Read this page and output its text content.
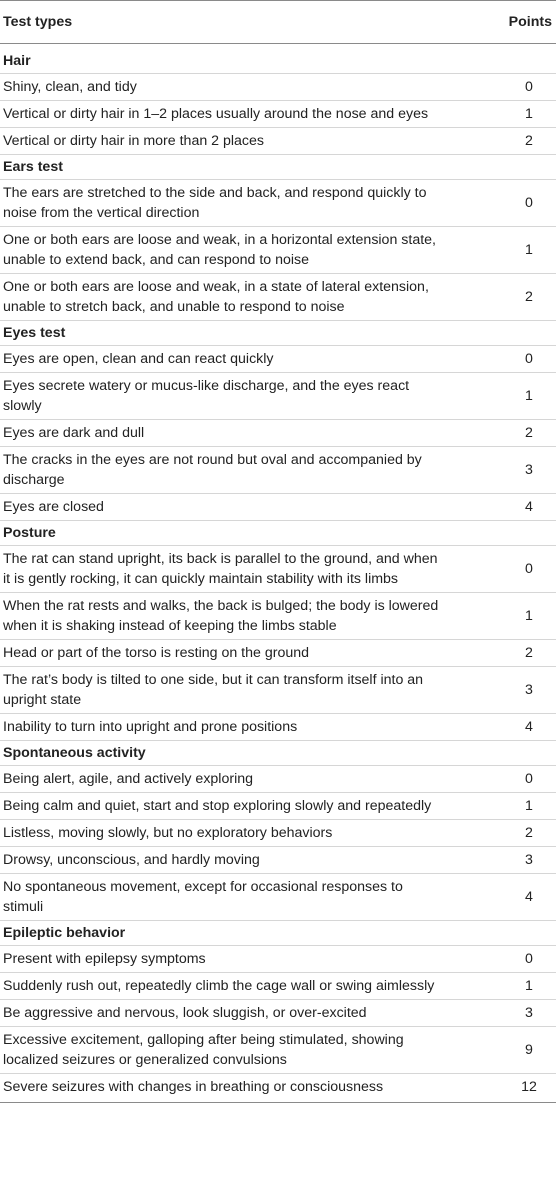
Test types	Points
Hair	
Shiny, clean, and tidy	0
Vertical or dirty hair in 1–2 places usually around the nose and eyes	1
Vertical or dirty hair in more than 2 places	2
Ears test	
The ears are stretched to the side and back, and respond quickly to noise from the vertical direction	0
One or both ears are loose and weak, in a horizontal extension state, unable to extend back, and can respond to noise	1
One or both ears are loose and weak, in a state of lateral extension, unable to stretch back, and unable to respond to noise	2
Eyes test	
Eyes are open, clean and can react quickly	0
Eyes secrete watery or mucus-like discharge, and the eyes react slowly	1
Eyes are dark and dull	2
The cracks in the eyes are not round but oval and accompanied by discharge	3
Eyes are closed	4
Posture	
The rat can stand upright, its back is parallel to the ground, and when it is gently rocking, it can quickly maintain stability with its limbs	0
When the rat rests and walks, the back is bulged; the body is lowered when it is shaking instead of keeping the limbs stable	1
Head or part of the torso is resting on the ground	2
The rat’s body is tilted to one side, but it can transform itself into an upright state	3
Inability to turn into upright and prone positions	4
Spontaneous activity	
Being alert, agile, and actively exploring	0
Being calm and quiet, start and stop exploring slowly and repeatedly	1
Listless, moving slowly, but no exploratory behaviors	2
Drowsy, unconscious, and hardly moving	3
No spontaneous movement, except for occasional responses to stimuli	4
Epileptic behavior	
Present with epilepsy symptoms	0
Suddenly rush out, repeatedly climb the cage wall or swing aimlessly	1
Be aggressive and nervous, look sluggish, or over-excited	3
Excessive excitement, galloping after being stimulated, showing localized seizures or generalized convulsions	9
Severe seizures with changes in breathing or consciousness	12
